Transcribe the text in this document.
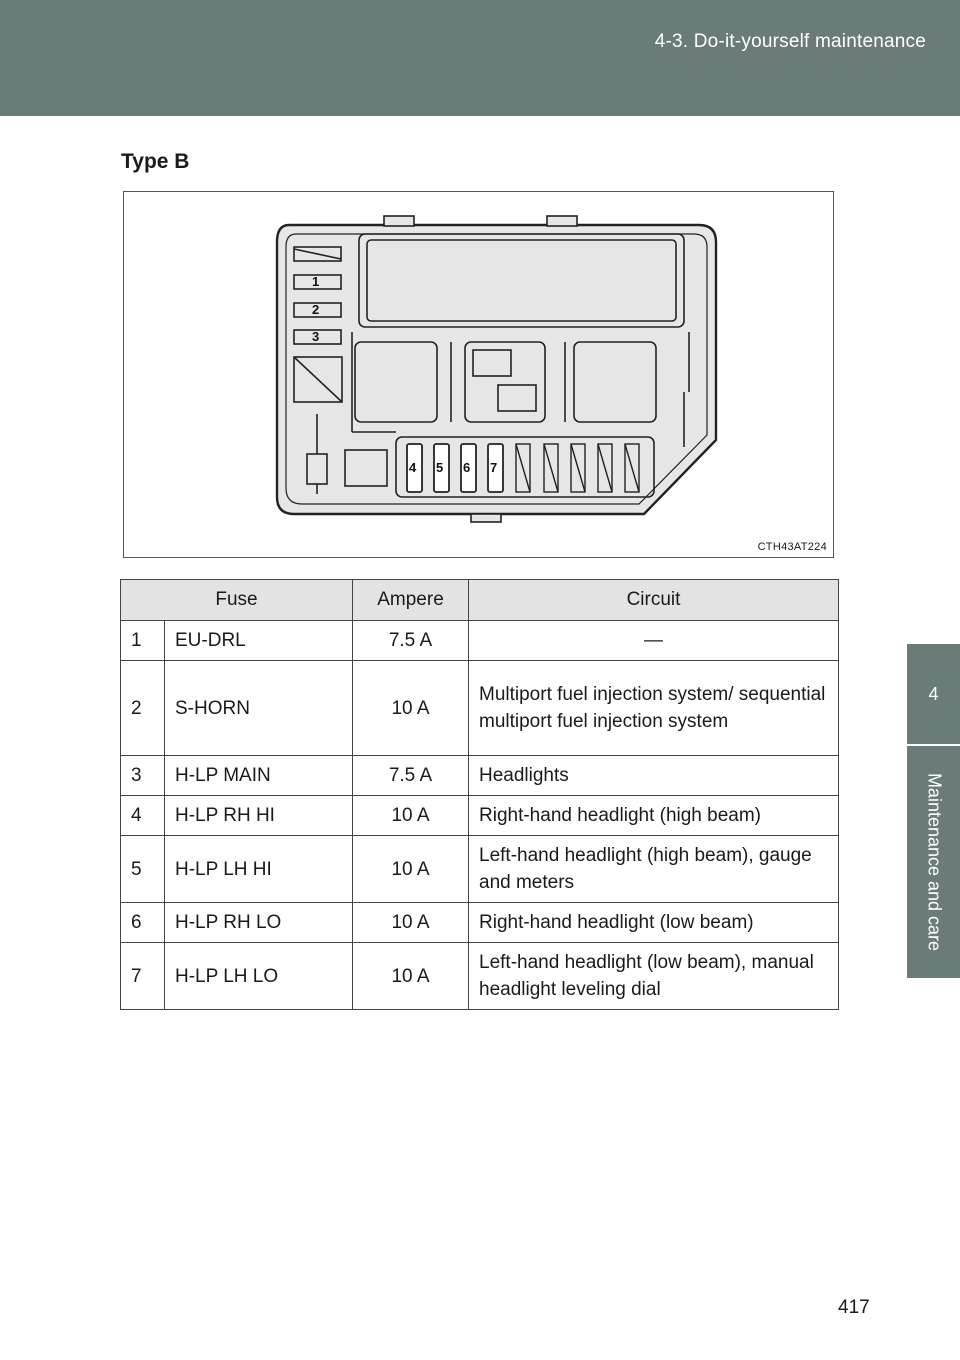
4-3. Do-it-yourself maintenance
4
Maintenance and care
Type B
1
2
3
4 5 6 7
CTH43AT224
Fuse		Ampere	Circuit
1	EU-DRL	7.5 A	—
2	S-HORN	10 A	Multiport fuel injection system/ sequential multiport fuel injection system
3	H-LP MAIN	7.5 A	Headlights
4	H-LP RH HI	10 A	Right-hand headlight (high beam)
5	H-LP LH HI	10 A	Left-hand headlight (high beam), gauge and meters
6	H-LP RH LO	10 A	Right-hand headlight (low beam)
7	H-LP LH LO	10 A	Left-hand headlight (low beam), manual headlight leveling dial
417
